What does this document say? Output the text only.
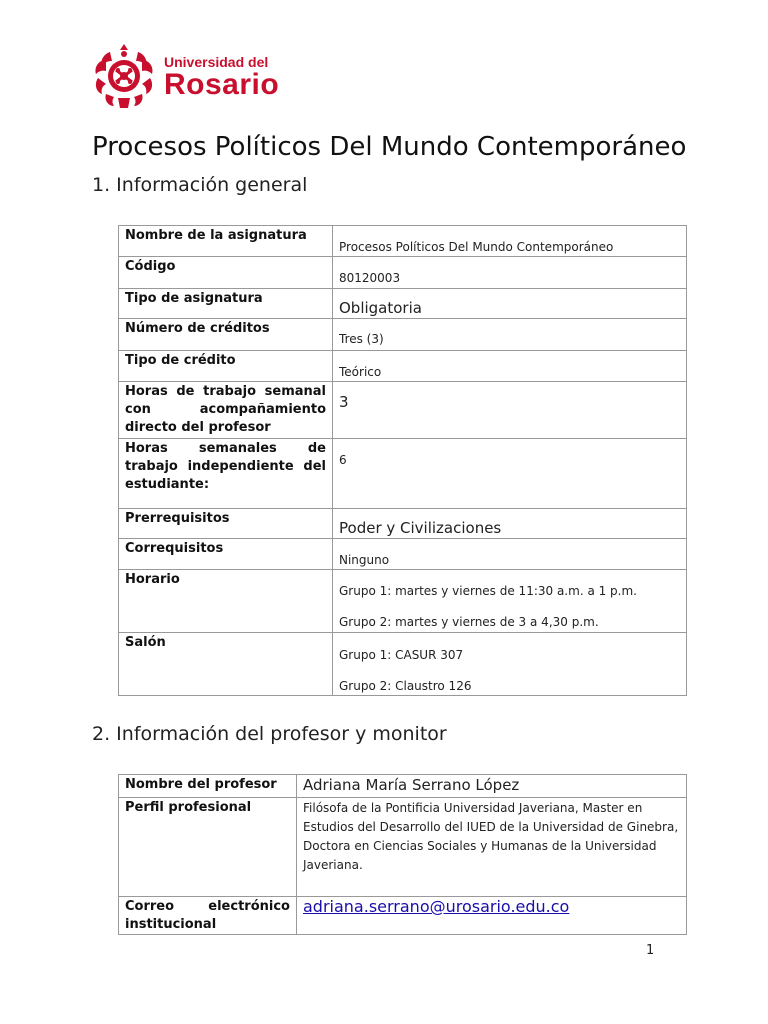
Universidad del
Rosario
Procesos Políticos Del Mundo Contemporáneo
1. Información general
Nombre de la asignatura	Procesos Políticos Del Mundo Contemporáneo
Código	80120003
Tipo de asignatura	Obligatoria
Número de créditos	Tres (3)
Tipo de crédito	Teórico
Horas de trabajo semanal con acompañamiento directo del profesor	3
Horas semanales de trabajo independiente del estudiante:	6
Prerrequisitos	Poder y Civilizaciones
Correquisitos	Ninguno
Horario	Grupo 1: martes y viernes de 11:30 a.m. a 1 p.m.
Grupo 2: martes y viernes de 3 a 4,30 p.m.

Salón	Grupo 1: CASUR 307
Grupo 2: Claustro 126
2. Información del profesor y monitor
Nombre del profesor	Adriana María Serrano López
Perfil profesional	Filósofa de la Pontificia Universidad Javeriana, Master en Estudios del Desarrollo del IUED de la Universidad de Ginebra, Doctora en Ciencias Sociales y Humanas de la Universidad Javeriana.
Correo electrónico institucional	adriana.serrano@urosario.edu.co
1
